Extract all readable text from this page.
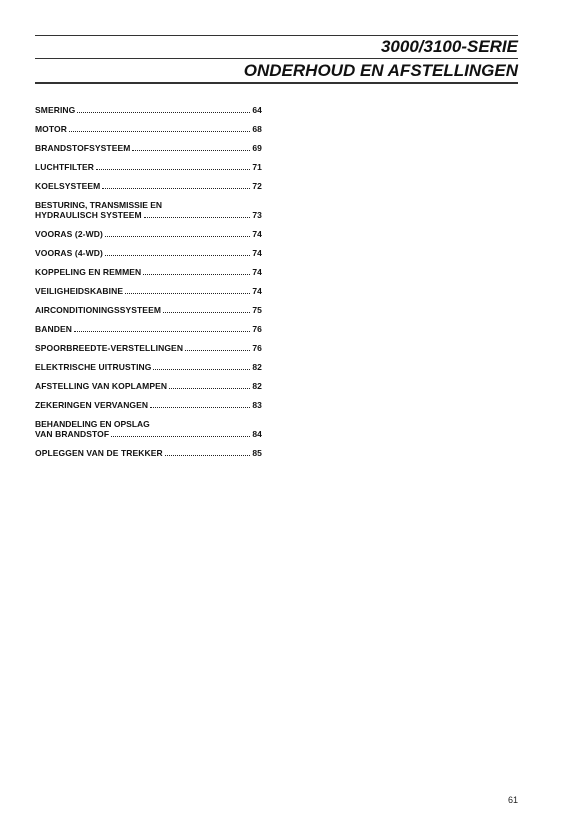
3000/3100-SERIE
ONDERHOUD EN AFSTELLINGEN
SMERING	64
MOTOR	68
BRANDSTOFSYSTEEM	69
LUCHTFILTER	71
KOELSYSTEEM	72
BESTURING, TRANSMISSIE EN
HYDRAULISCH SYSTEEM	73
VOORAS (2-WD)	74
VOORAS (4-WD)	74
KOPPELING EN REMMEN	74
VEILIGHEIDSKABINE	74
AIRCONDITIONINGSSYSTEEM	75
BANDEN	76
SPOORBREEDTE-VERSTELLINGEN	76
ELEKTRISCHE UITRUSTING	82
AFSTELLING VAN KOPLAMPEN	82
ZEKERINGEN VERVANGEN	83
BEHANDELING EN OPSLAG
VAN BRANDSTOF	84
OPLEGGEN VAN DE TREKKER	85
61
